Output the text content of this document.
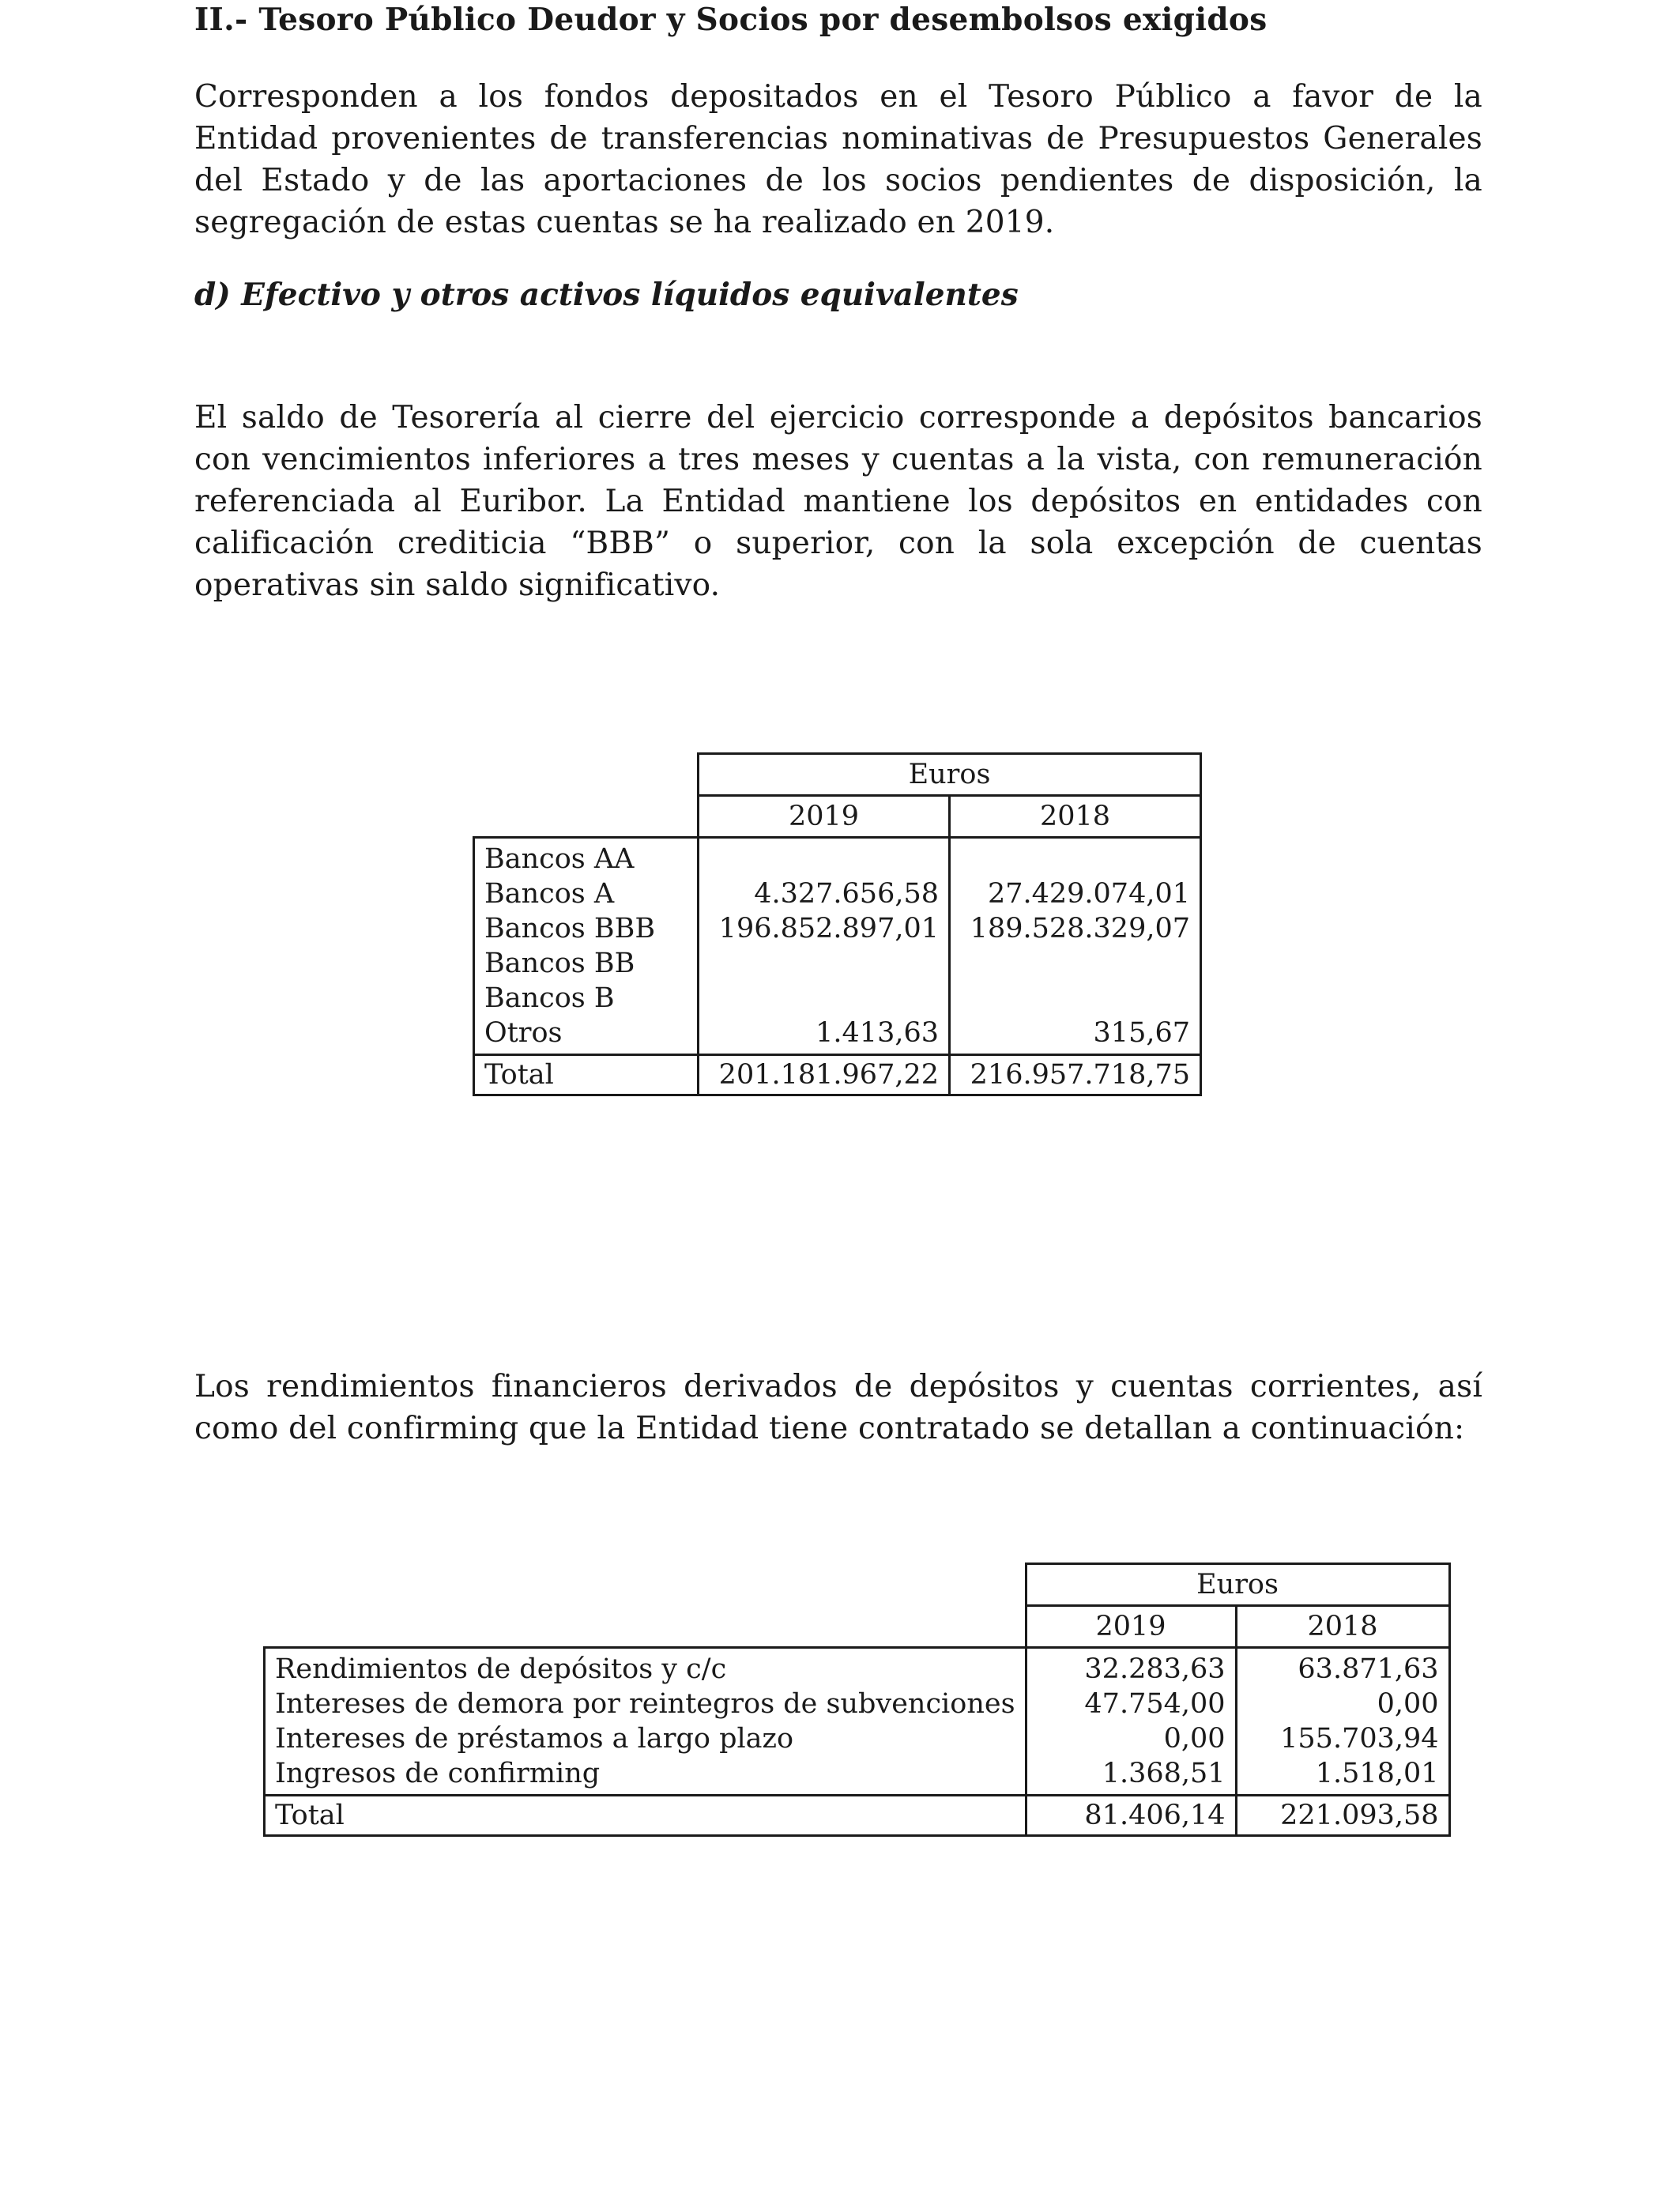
II.- Tesoro Público Deudor y Socios por desembolsos exigidos
Corresponden a los fondos depositados en el Tesoro Público a favor de la Entidad provenientes de transferencias nominativas de Presupuestos Generales del Estado y de las aportaciones de los socios pendientes de disposición, la segregación de estas cuentas se ha realizado en 2019.
d) Efectivo y otros activos líquidos equivalentes
El saldo de Tesorería al cierre del ejercicio corresponde a depósitos bancarios con vencimientos inferiores a tres meses y cuentas a la vista, con remuneración referenciada al Euribor. La Entidad mantiene los depósitos en entidades con calificación crediticia “BBB” o superior, con la sola excepción de cuentas operativas sin saldo significativo.
	Euros	
	2019	2018
Bancos AA		
Bancos A	4.327.656,58	27.429.074,01
Bancos BBB	196.852.897,01	189.528.329,07
Bancos BB		
Bancos B		
Otros	1.413,63	315,67
Total	201.181.967,22	216.957.718,75
Los rendimientos financieros derivados de depósitos y cuentas corrientes, así como del confirming que la Entidad tiene contratado se detallan a continuación:
	Euros	
	2019	2018
Rendimientos de depósitos y c/c	32.283,63	63.871,63
Intereses de demora por reintegros de subvenciones	47.754,00	0,00
Intereses de préstamos a largo plazo	0,00	155.703,94
Ingresos de confirming	1.368,51	1.518,01
Total	81.406,14	221.093,58
